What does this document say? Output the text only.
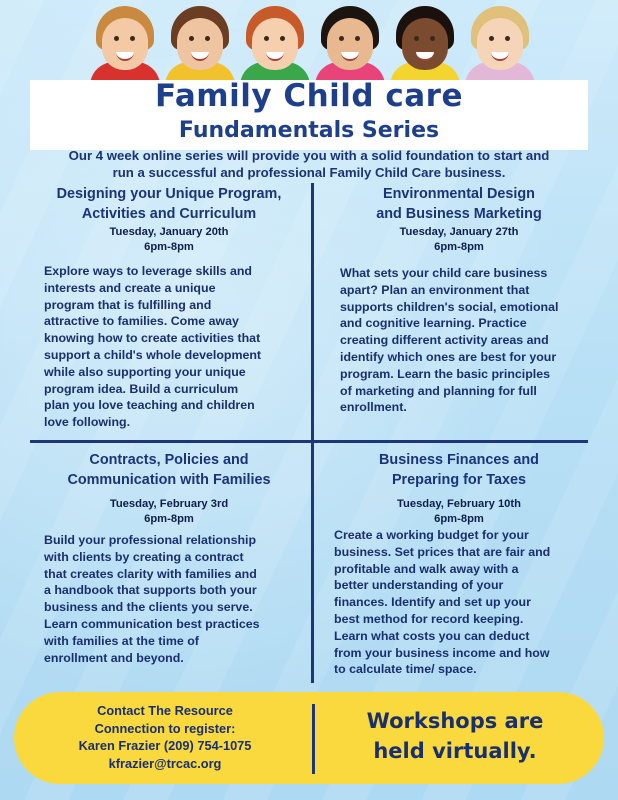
Family Child care
Fundamentals Series
Our 4 week online series will provide you with a solid foundation to start and
run a successful and professional Family Child Care business.
Designing your Unique Program,
Activities and Curriculum
Tuesday, January 20th
6pm-8pm
Explore ways to leverage skills and
interests and create a unique
program that is fulfilling and
attractive to families. Come away
knowing how to create activities that
support a child's whole development
while also supporting your unique
program idea. Build a curriculum
plan you love teaching and children
love following.
Environmental Design
and Business Marketing
Tuesday, January 27th
6pm-8pm
What sets your child care business
apart? Plan an environment that
supports children's social, emotional
and cognitive learning. Practice
creating different activity areas and
identify which ones are best for your
program. Learn the basic principles
of marketing and planning for full
enrollment.
Contracts, Policies and
Communication with Families
Tuesday, February 3rd
6pm-8pm
Build your professional relationship
with clients by creating a contract
that creates clarity with families and
a handbook that supports both your
business and the clients you serve.
Learn communication best practices
with families at the time of
enrollment and beyond.
Business Finances and
Preparing for Taxes
Tuesday, February 10th
6pm-8pm
Create a working budget for your
business. Set prices that are fair and
profitable and walk away with a
better understanding of your
finances. Identify and set up your
best method for record keeping.
Learn what costs you can deduct
from your business income and how
to calculate time/ space.
Contact The Resource
Connection to register:
Karen Frazier (209) 754-1075
kfrazier@trcac.org
Workshops are
held virtually.
